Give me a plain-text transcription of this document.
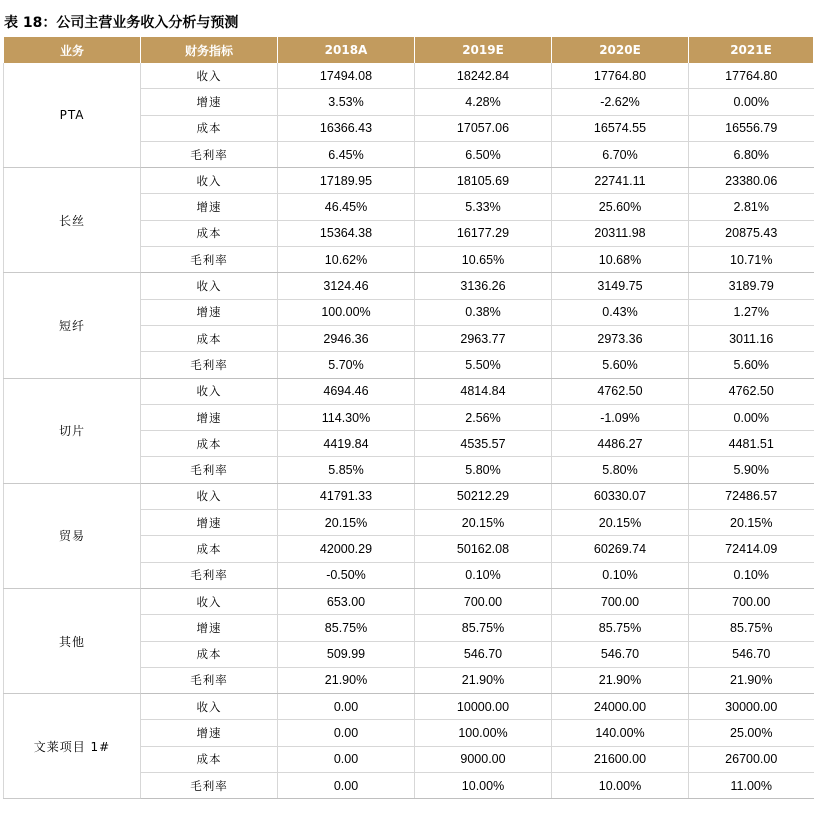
表 18：公司主营业务收入分析与预测
业务	财务指标	2018A	2019E	2020E	2021E
PTA	收入	17494.08	18242.84	17764.80	17764.80
	增速	3.53%	4.28%	-2.62%	0.00%
	成本	16366.43	17057.06	16574.55	16556.79
	毛利率	6.45%	6.50%	6.70%	6.80%
长丝	收入	17189.95	18105.69	22741.11	23380.06
	增速	46.45%	5.33%	25.60%	2.81%
	成本	15364.38	16177.29	20311.98	20875.43
	毛利率	10.62%	10.65%	10.68%	10.71%
短纤	收入	3124.46	3136.26	3149.75	3189.79
	增速	100.00%	0.38%	0.43%	1.27%
	成本	2946.36	2963.77	2973.36	3011.16
	毛利率	5.70%	5.50%	5.60%	5.60%
切片	收入	4694.46	4814.84	4762.50	4762.50
	增速	114.30%	2.56%	-1.09%	0.00%
	成本	4419.84	4535.57	4486.27	4481.51
	毛利率	5.85%	5.80%	5.80%	5.90%
贸易	收入	41791.33	50212.29	60330.07	72486.57
	增速	20.15%	20.15%	20.15%	20.15%
	成本	42000.29	50162.08	60269.74	72414.09
	毛利率	-0.50%	0.10%	0.10%	0.10%
其他	收入	653.00	700.00	700.00	700.00
	增速	85.75%	85.75%	85.75%	85.75%
	成本	509.99	546.70	546.70	546.70
	毛利率	21.90%	21.90%	21.90%	21.90%
文莱项目 1#	收入	0.00	10000.00	24000.00	30000.00
	增速	0.00	100.00%	140.00%	25.00%
	成本	0.00	9000.00	21600.00	26700.00
	毛利率	0.00	10.00%	10.00%	11.00%
